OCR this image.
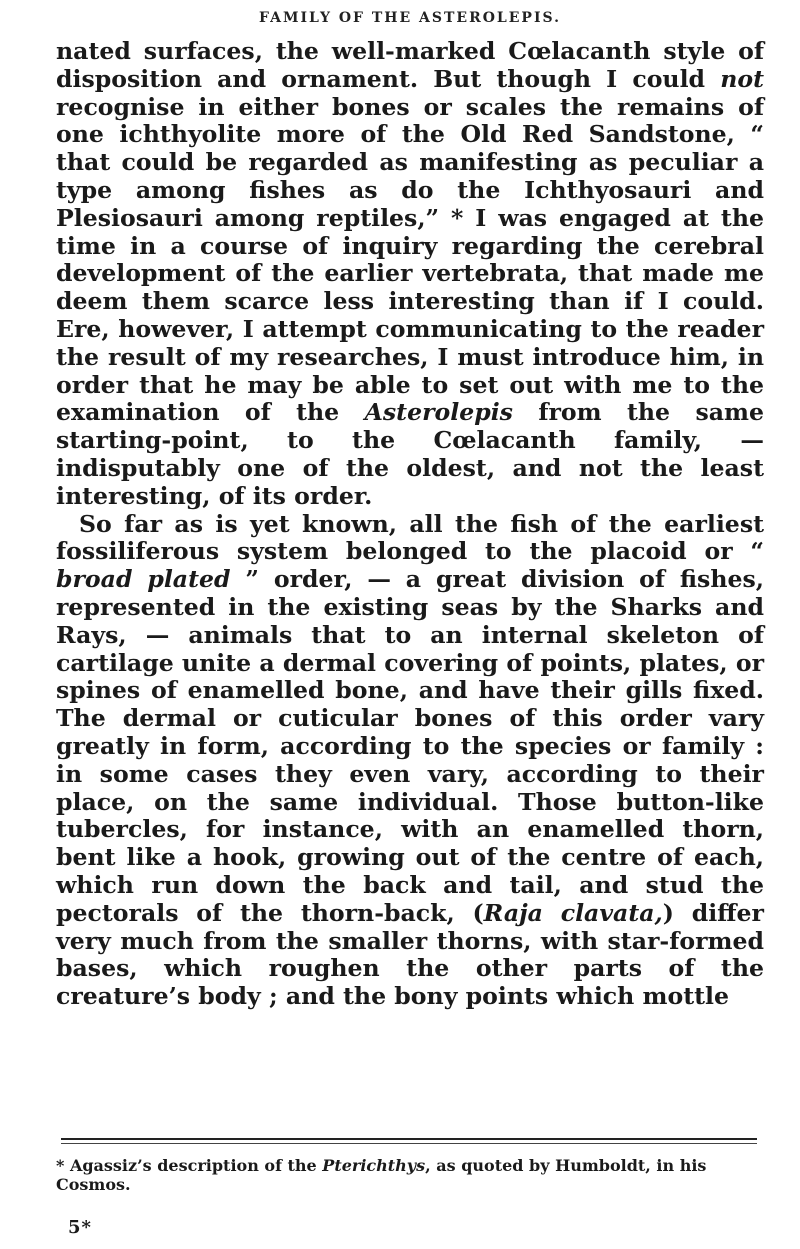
FAMILY OF THE ASTEROLEPIS.

nated surfaces, the well-marked Cœlacanth style of disposition and ornament. But though I could not recognise in either bones or scales the remains of one ichthyolite more of the Old Red Sandstone, “ that could be regarded as manifesting as peculiar a type among fishes as do the Ichthyosauri and Plesiosauri among reptiles,” * I was engaged at the time in a course of inquiry regarding the cerebral development of the earlier vertebrata, that made me deem them scarce less interesting than if I could. Ere, however, I attempt communicating to the reader the result of my researches, I must introduce him, in order that he may be able to set out with me to the examination of the Asterolepis from the same starting-point, to the Cœlacanth family, — indisputably one of the oldest, and not the least interesting, of its order.

So far as is yet known, all the fish of the earliest fossiliferous system belonged to the placoid or “ broad plated ” order, — a great division of fishes, represented in the existing seas by the Sharks and Rays, — animals that to an internal skeleton of cartilage unite a dermal covering of points, plates, or spines of enamelled bone, and have their gills fixed. The dermal or cuticular bones of this order vary greatly in form, according to the species or family : in some cases they even vary, according to their place, on the same individual. Those button-like tubercles, for instance, with an enamelled thorn, bent like a hook, growing out of the centre of each, which run down the back and tail, and stud the pectorals of the thorn-back, (Raja clavata,) differ very much from the smaller thorns, with star-formed bases, which roughen the other parts of the creature’s body ; and the bony points which mottle

* Agassiz’s description of the Pterichthys, as quoted by Humboldt, in his Cosmos.
5*
